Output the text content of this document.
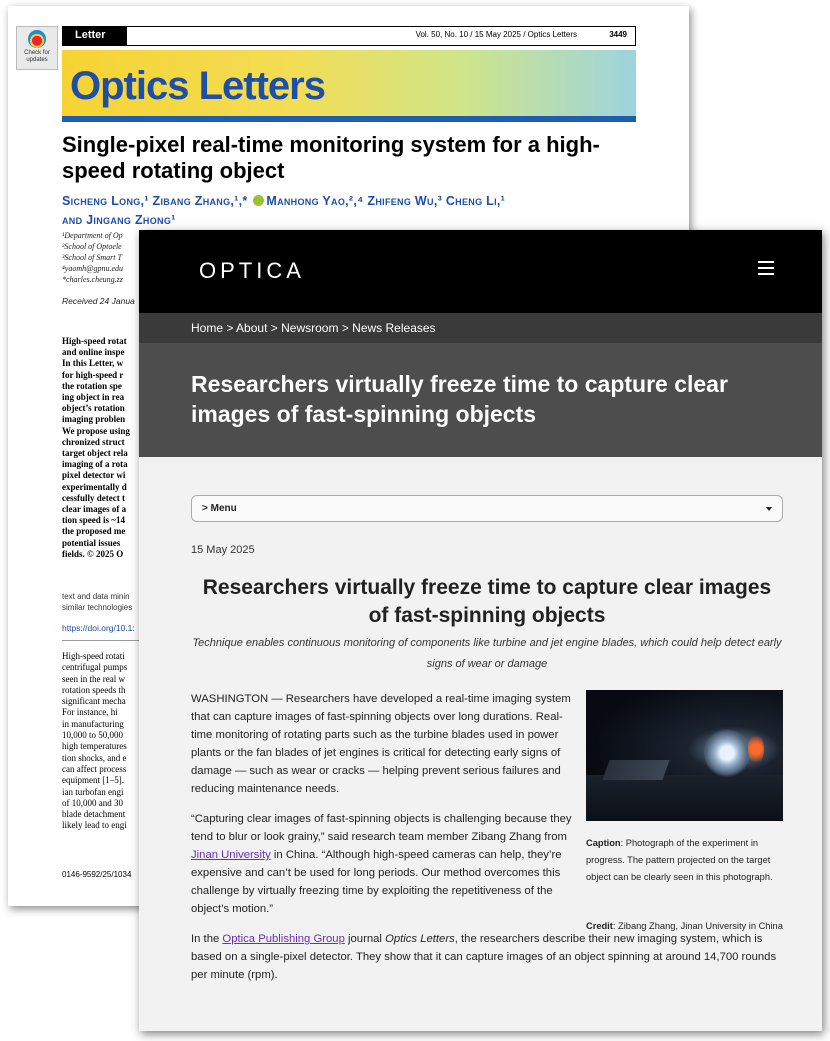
Check for updates
Letter	Vol. 50, No. 10 / 15 May 2025 / Optics Letters	3449
Optics Letters
Single-pixel real-time monitoring system for a high-speed rotating object
Sicheng Long,¹ Zibang Zhang,¹,* Manhong Yao,²,⁴ Zhifeng Wu,³ Cheng Li,¹
and Jingang Zhong¹
¹Department of Op
²School of Optoele
³School of Smart T
⁴yaomh@gpnu.edu
*charles.cheung.zz
Received 24 Janua
High-speed rotat
and online inspe
In this Letter, w
for high-speed r
the rotation spe
ing object in rea
object’s rotation
imaging problen
We propose using
chronized struct
target object rela
imaging of a rota
pixel detector wi
experimentally d
cessfully detect t
clear images of a
tion speed is ~14
the proposed me
potential issues
fields. © 2025 O
text and data minin
similar technologies
https://doi.org/10.1:
High-speed rotati
centrifugal pumps
seen in the real w
rotation speeds th
significant mecha
For instance, hi
in manufacturing
10,000 to 50,000
high temperatures
tion shocks, and e
can affect process
equipment [1–5].
ian turbofan engi
of 10,000 and 30
blade detachment
likely lead to engi
0146-9592/25/1034
OPTICA
Home > About > Newsroom > News Releases
Researchers virtually freeze time to capture clear images of fast-spinning objects
> Menu
15 May 2025
Researchers virtually freeze time to capture clear images of fast-spinning objects
Technique enables continuous monitoring of components like turbine and jet engine blades, which could help detect early signs of wear or damage

WASHINGTON — Researchers have developed a real-time imaging system that can capture images of fast-spinning objects over long durations. Real-time monitoring of rotating parts such as the turbine blades used in power plants or the fan blades of jet engines is critical for detecting early signs of damage — such as wear or cracks — helping prevent serious failures and reducing maintenance needs.

“Capturing clear images of fast-spinning objects is challenging because they tend to blur or look grainy,” said research team member Zibang Zhang from Jinan University in China. “Although high-speed cameras can help, they’re expensive and can’t be used for long periods. Our method overcomes this challenge by virtually freezing time by exploiting the repetitiveness of the object’s motion.”

In the Optica Publishing Group journal Optics Letters, the researchers describe their new imaging system, which is based on a single-pixel detector. They show that it can capture images of an object spinning at around 14,700 rounds per minute (rpm).

Caption: Photograph of the experiment in progress. The pattern projected on the target object can be clearly seen in this photograph.
Credit: Zibang Zhang, Jinan University in China
